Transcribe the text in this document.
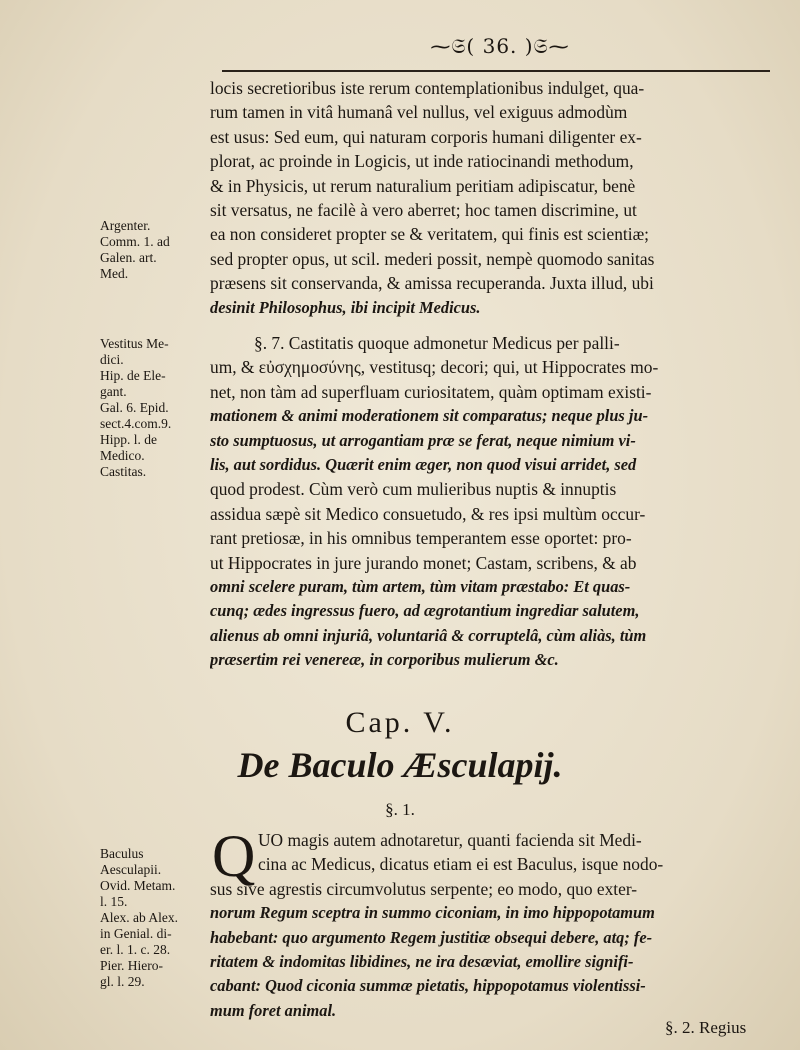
⁓𝔖( 36. )𝔖⁓
locis secretioribus iste rerum contemplationibus indulget, qua-
rum tamen in vitâ humanâ vel nullus, vel exiguus admodùm
est usus: Sed eum, qui naturam corporis humani diligenter ex-
plorat, ac proinde in Logicis, ut inde ratiocinandi methodum,
& in Physicis, ut rerum naturalium peritiam adipiscatur, benè
sit versatus, ne facilè à vero aberret; hoc tamen discrimine, ut
ea non consideret propter se & veritatem, qui finis est scientiæ;
sed propter opus, ut scil. mederi possit, nempè quomodo sanitas
præsens sit conservanda, & amissa recuperanda. Juxta illud, ubi
desinit Philosophus, ibi incipit Medicus.
§. 7. Castitatis quoque admonetur Medicus per palli-
um, & εὐσχημοσύνης, vestitusq; decori; qui, ut Hippocrates mo-
net, non tàm ad superfluam curiositatem, quàm optimam existi-
mationem & animi moderationem sit comparatus; neque plus ju-
sto sumptuosus, ut arrogantiam præ se ferat, neque nimium vi-
lis, aut sordidus. Quærit enim æger, non quod visui arridet, sed
quod prodest. Cùm verò cum mulieribus nuptis & innuptis
assidua sæpè sit Medico consuetudo, & res ipsi multùm occur-
rant pretiosæ, in his omnibus temperantem esse oportet: pro-
ut Hippocrates in jure jurando monet; Castam, scribens, & ab
omni scelere puram, tùm artem, tùm vitam præstabo: Et quas-
cunq; ædes ingressus fuero, ad ægrotantium ingrediar salutem,
alienus ab omni injuriâ, voluntariâ & corruptelâ, cùm aliàs, tùm
præsertim rei venereæ, in corporibus mulierum &c.
Cap. V.
De Baculo Æsculapij.
§. 1.
Q UO magis autem adnotaretur, quanti facienda sit Medi-
cina ac Medicus, dicatus etiam ei est Baculus, isque nodo-
sus sive agrestis circumvolutus serpente; eo modo, quo exter-
norum Regum sceptra in summo ciconiam, in imo hippopotamum
habebant: quo argumento Regem justitiæ obsequi debere, atq; fe-
ritatem & indomitas libidines, ne ira desæviat, emollire signifi-
cabant: Quod ciconia summæ pietatis, hippopotamus violentissi-
mum foret animal.
§. 2. Regius
Argenter.
Comm. 1. ad
Galen. art.
Med.
Vestitus Me-
dici.
Hip. de Ele-
gant.
Gal. 6. Epid.
sect.4.com.9.
Hipp. l. de
Medico.
Castitas.
Baculus
Aesculapii.
Ovid. Metam.
l. 15.
Alex. ab Alex.
in Genial. di-
er. l. 1. c. 28.
Pier. Hiero-
gl. l. 29.
